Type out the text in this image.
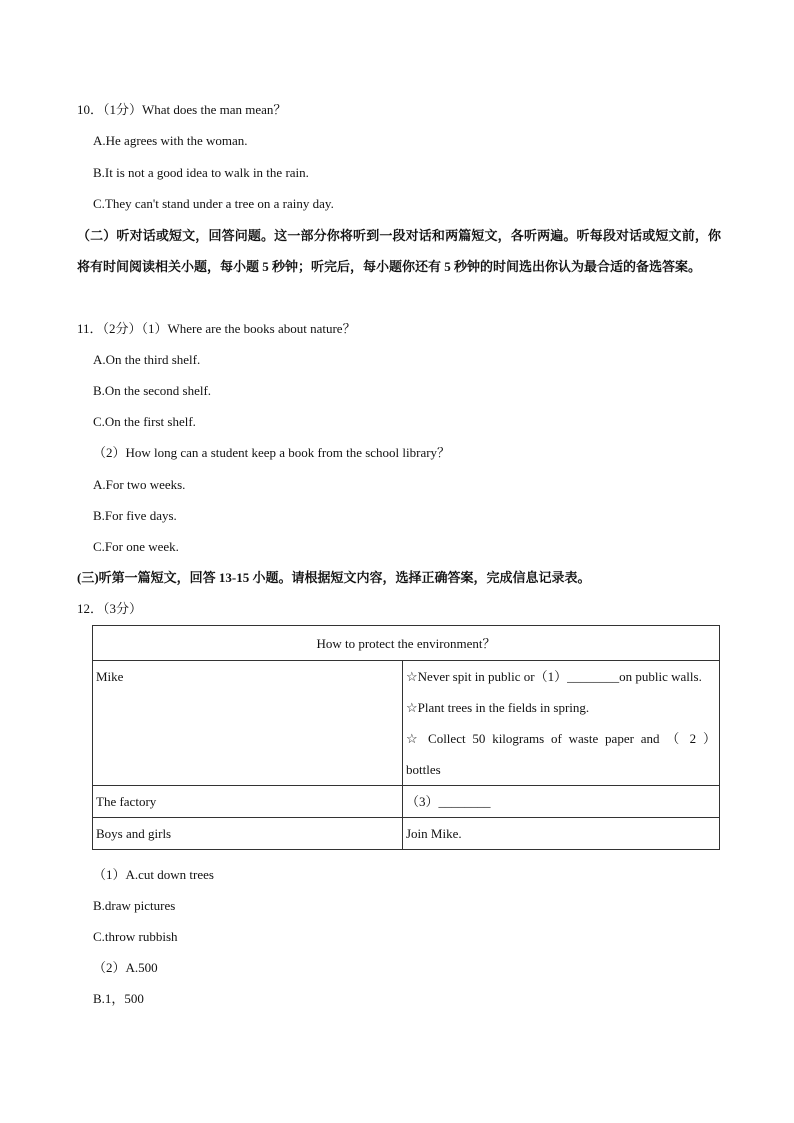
10．（1分）What does the man mean？
A.He agrees with the woman.
B.It is not a good idea to walk in the rain.
C.They can't stand under a tree on a rainy day.
（二）听对话或短文，回答问题。这一部分你将听到一段对话和两篇短文，各听两遍。听每段对话或短文前，你将有时间阅读相关小题，每小题 5 秒钟；听完后，每小题你还有 5 秒钟的时间选出你认为最合适的备选答案。
11．（2分）（1）Where are the books about nature？
A.On the third shelf.
B.On the second shelf.
C.On the first shelf.
（2）How long can a student keep a book from the school library？
A.For two weeks.
B.For five days.
C.For one week.
(三)听第一篇短文，回答 13-15 小题。请根据短文内容，选择正确答案，完成信息记录表。
12．（3分）
How to protect the environment？	
Mike	☆Never spit in public or（1）________on public walls.
☆Plant trees in the fields in spring.
☆ Collect 50 kilograms of waste paper and （ 2 ）
bottles

The factory	（3）________

Boys and girls	Join Mike.
（1）A.cut down trees
B.draw pictures
C.throw rubbish
（2）A.500
B.1，500
